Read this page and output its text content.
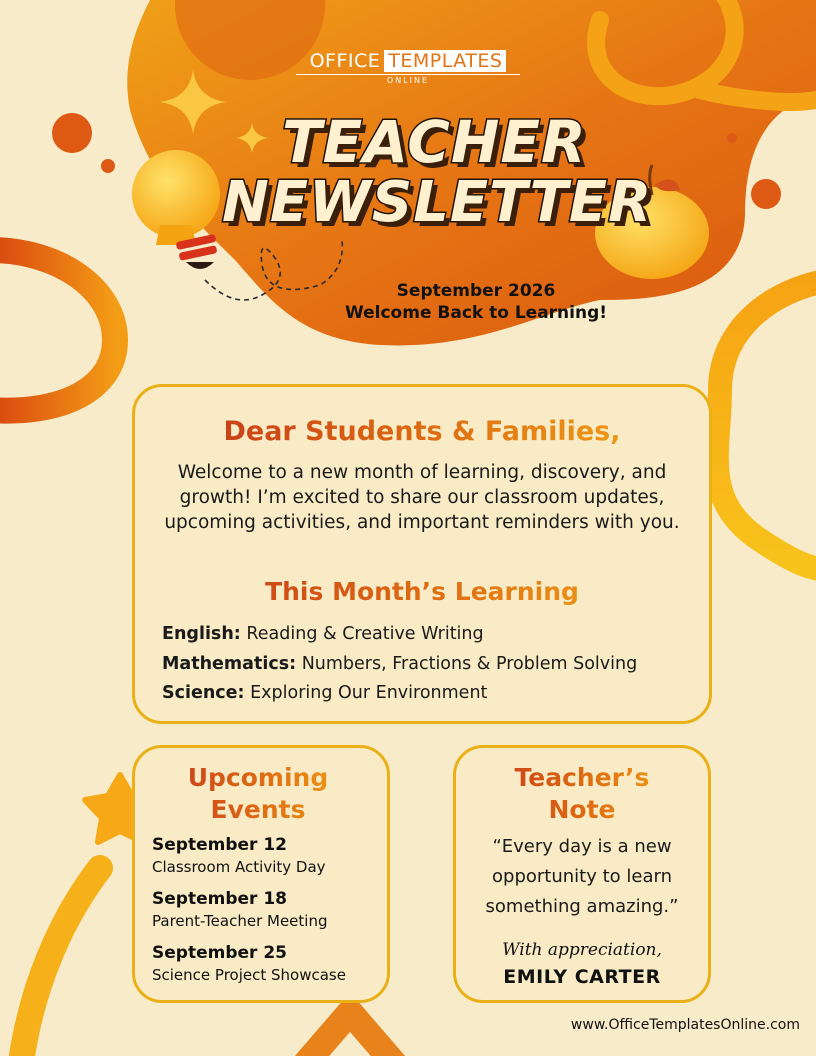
OFFICE TEMPLATES
ONLINE
TEACHER
NEWSLETTER
September 2026
Welcome Back to Learning!
Dear Students & Families,
Welcome to a new month of learning, discovery, and growth! I’m excited to share our classroom updates, upcoming activities, and important reminders with you.
This Month’s Learning
English: Reading & Creative Writing
Mathematics: Numbers, Fractions & Problem Solving
Science: Exploring Our Environment
Upcoming
Events
September 12
Classroom Activity Day
September 18
Parent-Teacher Meeting
September 25
Science Project Showcase
Teacher’s
Note
“Every day is a new opportunity to learn something amazing.”
With appreciation,
EMILY CARTER
www.OfficeTemplatesOnline.com
